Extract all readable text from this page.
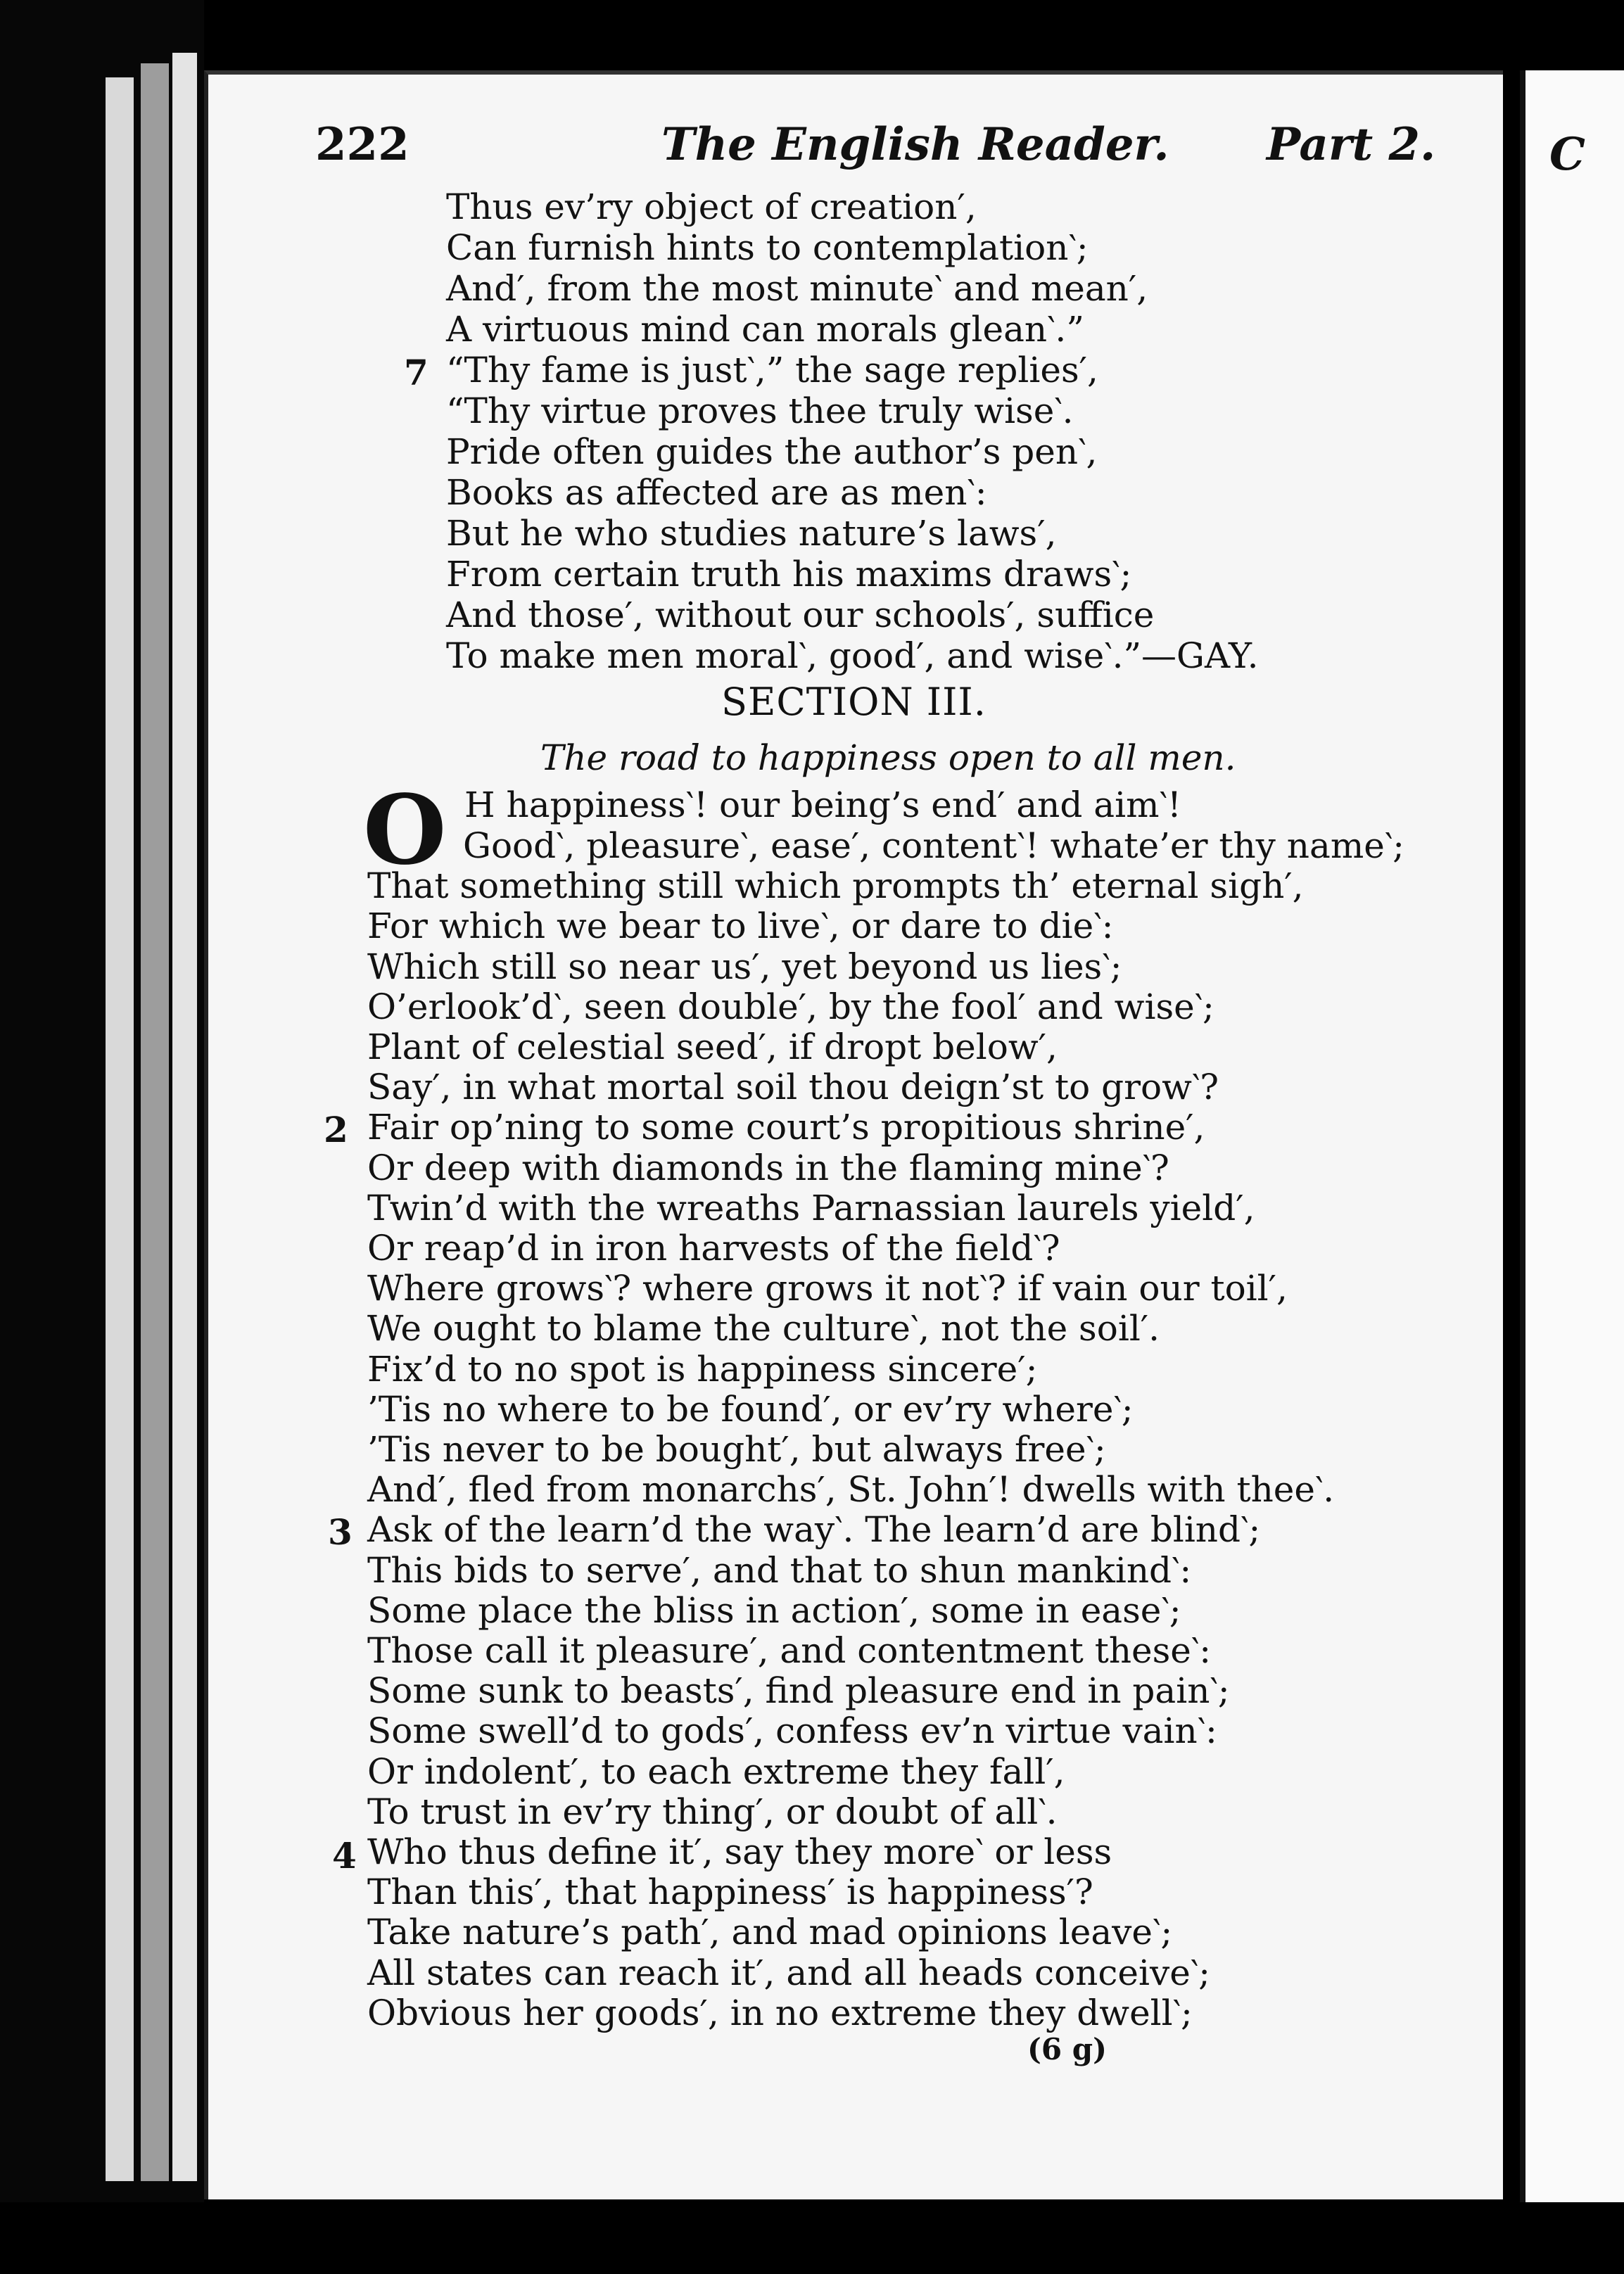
C
222	The English Reader. Part 2.
7
Thus ev’ry object of creation′,
Can furnish hints to contemplation‵;
And′, from the most minute‵ and mean′,
A virtuous mind can morals glean‵.”
“Thy fame is just‵,” the sage replies′,
“Thy virtue proves thee truly wise‵.
Pride often guides the author’s pen‵,
Books as affected are as men‵:
But he who studies nature’s laws′,
From certain truth his maxims draws‵;
And those′, without our schools′, suffice
To make men moral‵, good′, and wise‵.”—GAY.
SECTION III.
The road to happiness open to all men.
O H happiness‵! our being’s end′ and aim‵!
2
3
4
Good‵, pleasure‵, ease′, content‵! whate’er thy name‵;
That something still which prompts th’ eternal sigh′,
For which we bear to live‵, or dare to die‵:
Which still so near us′, yet beyond us lies‵;
O’erlook’d‵, seen double′, by the fool′ and wise‵;
Plant of celestial seed′, if dropt below′,
Say′, in what mortal soil thou deign’st to grow‵?
Fair op’ning to some court’s propitious shrine′,
Or deep with diamonds in the flaming mine‵?
Twin’d with the wreaths Parnassian laurels yield′,
Or reap’d in iron harvests of the field‵?
Where grows‵? where grows it not‵? if vain our toil′,
We ought to blame the culture‵, not the soil′.
Fix’d to no spot is happiness sincere′;
’Tis no where to be found′, or ev’ry where‵;
’Tis never to be bought′, but always free‵;
And′, fled from monarchs′, St. John′! dwells with thee‵.
Ask of the learn’d the way‵. The learn’d are blind‵;
This bids to serve′, and that to shun mankind‵:
Some place the bliss in action′, some in ease‵;
Those call it pleasure′, and contentment these‵:
Some sunk to beasts′, find pleasure end in pain‵;
Some swell’d to gods′, confess ev’n virtue vain‵:
Or indolent′, to each extreme they fall′,
To trust in ev’ry thing′, or doubt of all‵.
Who thus define it′, say they more‵ or less
Than this′, that happiness′ is happiness′?
Take nature’s path′, and mad opinions leave‵;
All states can reach it′, and all heads conceive‵;
Obvious her goods′, in no extreme they dwell‵;
(6 g)
